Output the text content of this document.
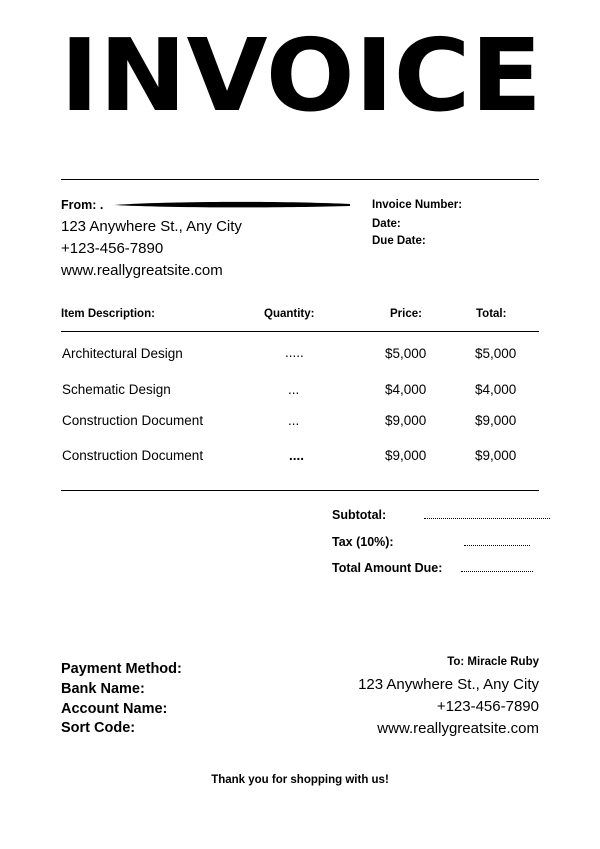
INVOICE
From: .
123 Anywhere St., Any City
+123-456-7890
www.reallygreatsite.com
Invoice Number:
Date:
Due Date:
Item Description:	Quantity:	Price:	Total:
Architectural Design	.....	$5,000	$5,000
Schematic Design	...	$4,000	$4,000
Construction Document	...	$9,000	$9,000
Construction Document	....	$9,000	$9,000
Subtotal:
Tax (10%):
Total Amount Due:
Payment Method:
Bank Name:
Account Name:
Sort Code:
To: Miracle Ruby
123 Anywhere St., Any City
+123-456-7890
www.reallygreatsite.com
Thank you for shopping with us!
